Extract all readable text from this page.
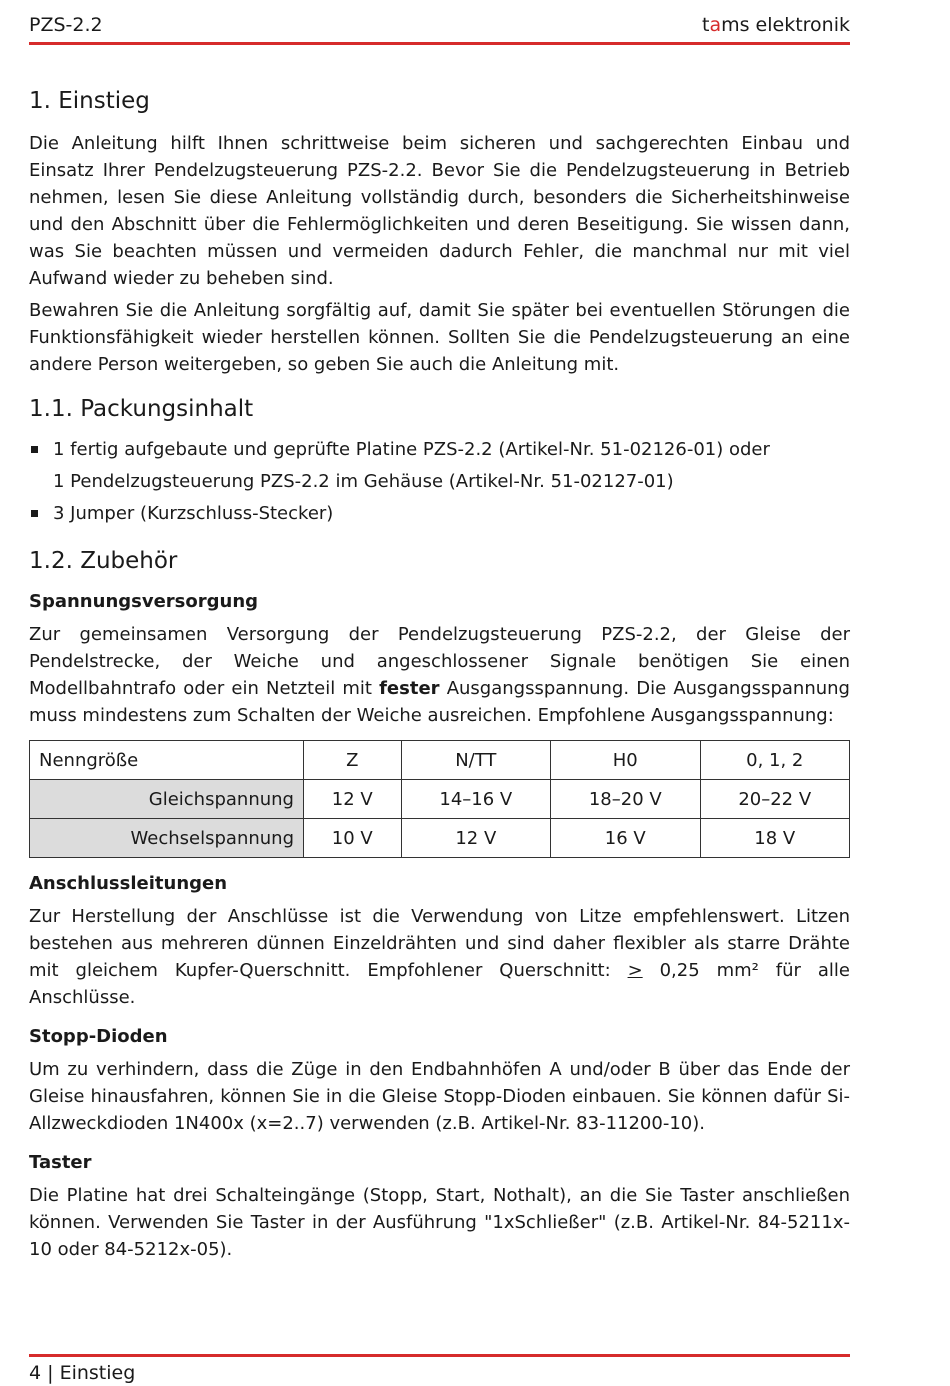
PZS-2.2	tams elektronik
1. Einstieg

Die Anleitung hilft Ihnen schrittweise beim sicheren und sachgerechten Einbau und Einsatz Ihrer Pendelzugsteuerung PZS-2.2. Bevor Sie die Pendelzugsteuerung in Betrieb nehmen, lesen Sie diese Anleitung vollständig durch, besonders die Sicherheitshinweise und den Abschnitt über die Fehlermöglichkeiten und deren Beseitigung. Sie wissen dann, was Sie beachten müssen und vermeiden dadurch Fehler, die manchmal nur mit viel Aufwand wieder zu beheben sind.

Bewahren Sie die Anleitung sorgfältig auf, damit Sie später bei eventuellen Störungen die Funktionsfähigkeit wieder herstellen können. Sollten Sie die Pendelzugsteuerung an eine andere Person weitergeben, so geben Sie auch die Anleitung mit.

1.1. Packungsinhalt
1 fertig aufgebaute und geprüfte Platine PZS-2.2 (Artikel-Nr. 51-02126-01) oder
1 Pendelzugsteuerung PZS-2.2 im Gehäuse (Artikel-Nr. 51-02127-01)
3 Jumper (Kurzschluss-Stecker)
1.2. Zubehör
Spannungsversorgung

Zur gemeinsamen Versorgung der Pendelzugsteuerung PZS-2.2, der Gleise der Pendelstrecke, der Weiche und angeschlossener Signale benötigen Sie einen Modellbahntrafo oder ein Netzteil mit fester Ausgangsspannung. Die Ausgangsspannung muss mindestens zum Schalten der Weiche ausreichen. Empfohlene Ausgangsspannung:

Nenngröße	Z	N/TT	H0	0, 1, 2
Gleichspannung	12 V	14–16 V	18–20 V	20–22 V
Wechselspannung	10 V	12 V	16 V	18 V
Anschlussleitungen

Zur Herstellung der Anschlüsse ist die Verwendung von Litze empfehlenswert. Litzen bestehen aus mehreren dünnen Einzeldrähten und sind daher flexibler als starre Drähte mit gleichem Kupfer-Querschnitt. Empfohlener Querschnitt: > 0,25 mm² für alle Anschlüsse.

Stopp-Dioden

Um zu verhindern, dass die Züge in den Endbahnhöfen A und/oder B über das Ende der Gleise hinausfahren, können Sie in die Gleise Stopp-Dioden einbauen. Sie können dafür Si-Allzweckdioden 1N400x (x=2..7) verwenden (z.B. Artikel-Nr. 83-11200-10).

Taster

Die Platine hat drei Schalteingänge (Stopp, Start, Nothalt), an die Sie Taster anschließen können. Verwenden Sie Taster in der Ausführung "1xSchließer" (z.B. Artikel-Nr. 84-5211x-10 oder 84-5212x-05).

4 | Einstieg
